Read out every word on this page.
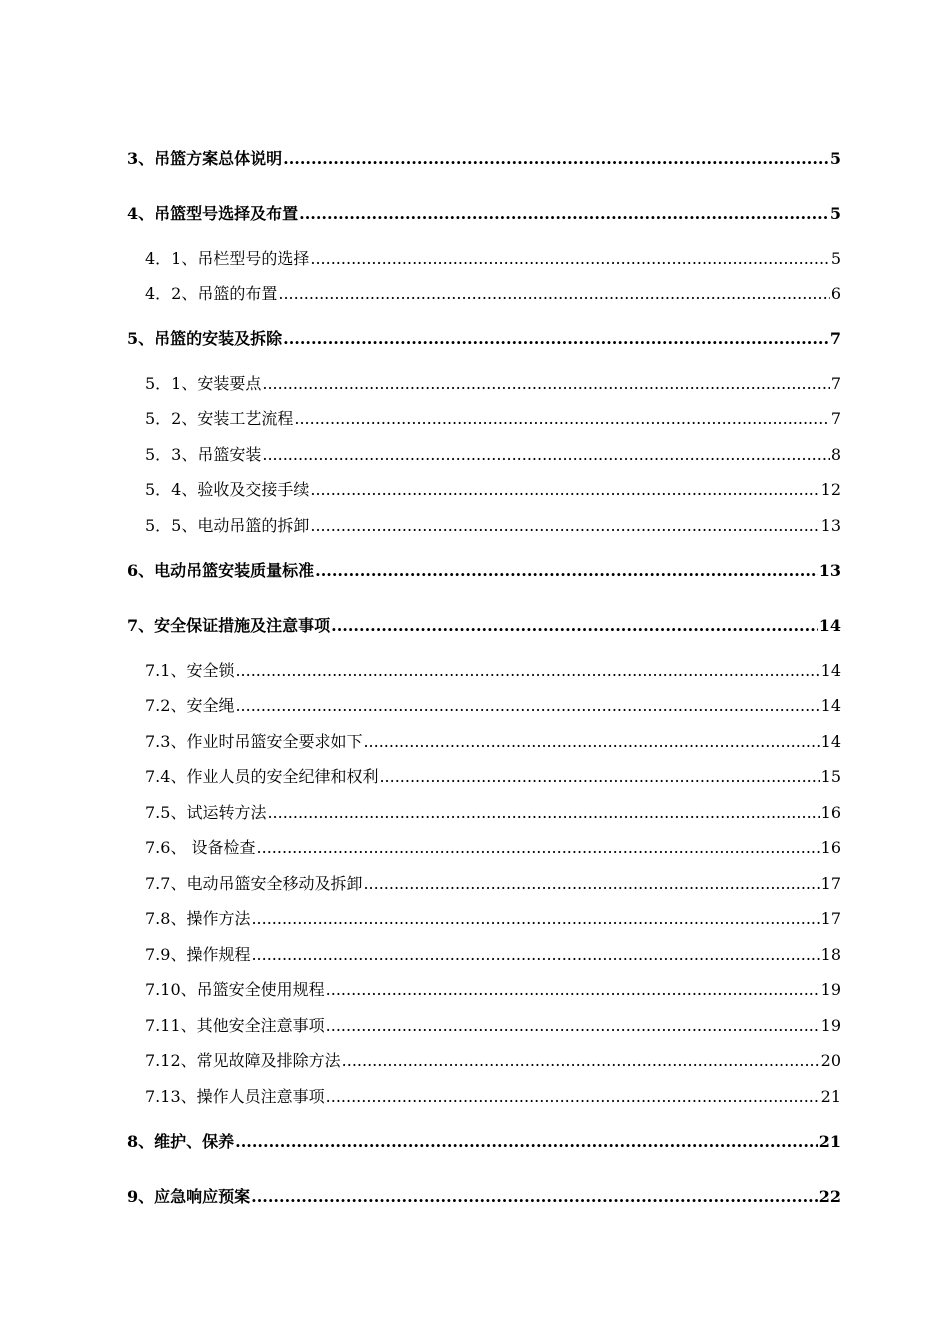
3、吊篮方案总体说明 .....	5
4、吊篮型号选择及布置 .....	5
4．1、吊栏型号的选择 .....	5
4．2、吊篮的布置 .....	6
5、吊篮的安装及拆除 .....	7
5．1、安装要点 .....	7
5．2、安装工艺流程 .....	7
5．3、吊篮安装 .....	8
5．4、验收及交接手续 .....	12
5．5、电动吊篮的拆卸 .....	13
6、电动吊篮安装质量标准 .....	13
7、安全保证措施及注意事项 .....	14
7.1、安全锁 .....	14
7.2、安全绳 .....	14
7.3、作业时吊篮安全要求如下 .....	14
7.4、作业人员的安全纪律和权利 .....	15
7.5、试运转方法 .....	16
7.6、 设备检查 .....	16
7.7、电动吊篮安全移动及拆卸 .....	17
7.8、操作方法 .....	17
7.9、操作规程 .....	18
7.10、吊篮安全使用规程 .....	19
7.11、其他安全注意事项 .....	19
7.12、常见故障及排除方法 .....	20
7.13、操作人员注意事项 .....	21
8、维护、保养 .....	21
9、应急响应预案 .....	22
